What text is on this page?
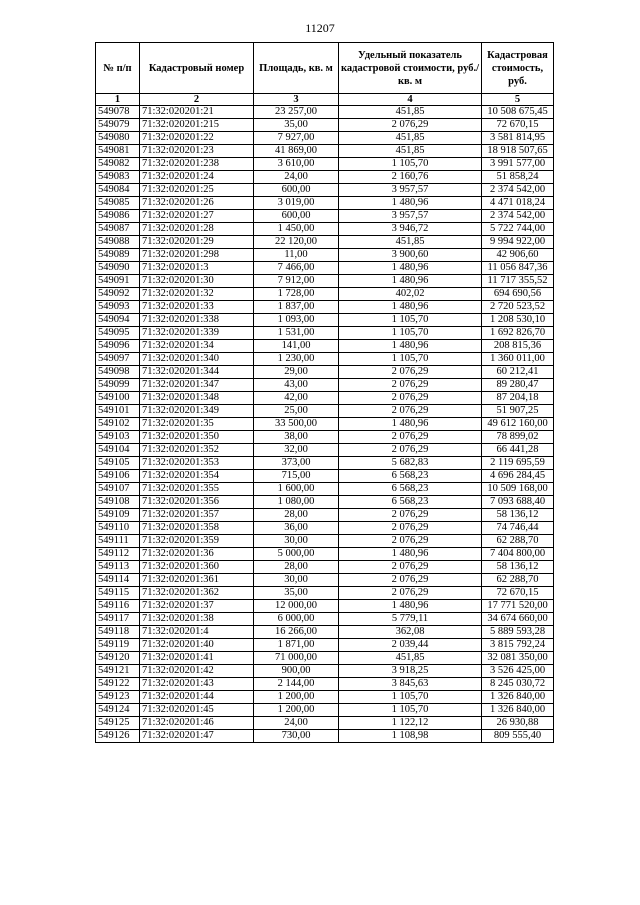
11207
№ п/п	Кадастровый номер	Площадь, кв. м	Удельный показатель кадастровой стоимости, руб./кв. м	Кадастровая стоимость, руб.
1	2	3	4	5
549078	71:32:020201:21	23 257,00	451,85	10 508 675,45
549079	71:32:020201:215	35,00	2 076,29	72 670,15
549080	71:32:020201:22	7 927,00	451,85	3 581 814,95
549081	71:32:020201:23	41 869,00	451,85	18 918 507,65
549082	71:32:020201:238	3 610,00	1 105,70	3 991 577,00
549083	71:32:020201:24	24,00	2 160,76	51 858,24
549084	71:32:020201:25	600,00	3 957,57	2 374 542,00
549085	71:32:020201:26	3 019,00	1 480,96	4 471 018,24
549086	71:32:020201:27	600,00	3 957,57	2 374 542,00
549087	71:32:020201:28	1 450,00	3 946,72	5 722 744,00
549088	71:32:020201:29	22 120,00	451,85	9 994 922,00
549089	71:32:020201:298	11,00	3 900,60	42 906,60
549090	71:32:020201:3	7 466,00	1 480,96	11 056 847,36
549091	71:32:020201:30	7 912,00	1 480,96	11 717 355,52
549092	71:32:020201:32	1 728,00	402,02	694 690,56
549093	71:32:020201:33	1 837,00	1 480,96	2 720 523,52
549094	71:32:020201:338	1 093,00	1 105,70	1 208 530,10
549095	71:32:020201:339	1 531,00	1 105,70	1 692 826,70
549096	71:32:020201:34	141,00	1 480,96	208 815,36
549097	71:32:020201:340	1 230,00	1 105,70	1 360 011,00
549098	71:32:020201:344	29,00	2 076,29	60 212,41
549099	71:32:020201:347	43,00	2 076,29	89 280,47
549100	71:32:020201:348	42,00	2 076,29	87 204,18
549101	71:32:020201:349	25,00	2 076,29	51 907,25
549102	71:32:020201:35	33 500,00	1 480,96	49 612 160,00
549103	71:32:020201:350	38,00	2 076,29	78 899,02
549104	71:32:020201:352	32,00	2 076,29	66 441,28
549105	71:32:020201:353	373,00	5 682,83	2 119 695,59
549106	71:32:020201:354	715,00	6 568,23	4 696 284,45
549107	71:32:020201:355	1 600,00	6 568,23	10 509 168,00
549108	71:32:020201:356	1 080,00	6 568,23	7 093 688,40
549109	71:32:020201:357	28,00	2 076,29	58 136,12
549110	71:32:020201:358	36,00	2 076,29	74 746,44
549111	71:32:020201:359	30,00	2 076,29	62 288,70
549112	71:32:020201:36	5 000,00	1 480,96	7 404 800,00
549113	71:32:020201:360	28,00	2 076,29	58 136,12
549114	71:32:020201:361	30,00	2 076,29	62 288,70
549115	71:32:020201:362	35,00	2 076,29	72 670,15
549116	71:32:020201:37	12 000,00	1 480,96	17 771 520,00
549117	71:32:020201:38	6 000,00	5 779,11	34 674 660,00
549118	71:32:020201:4	16 266,00	362,08	5 889 593,28
549119	71:32:020201:40	1 871,00	2 039,44	3 815 792,24
549120	71:32:020201:41	71 000,00	451,85	32 081 350,00
549121	71:32:020201:42	900,00	3 918,25	3 526 425,00
549122	71:32:020201:43	2 144,00	3 845,63	8 245 030,72
549123	71:32:020201:44	1 200,00	1 105,70	1 326 840,00
549124	71:32:020201:45	1 200,00	1 105,70	1 326 840,00
549125	71:32:020201:46	24,00	1 122,12	26 930,88
549126	71:32:020201:47	730,00	1 108,98	809 555,40
